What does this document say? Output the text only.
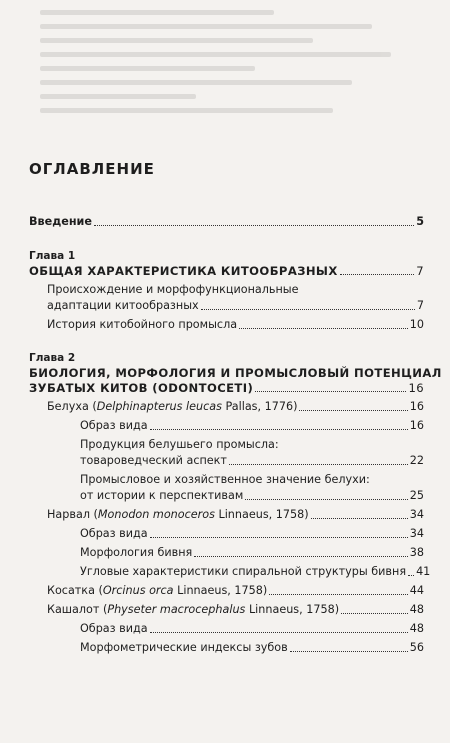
ОГЛАВЛЕНИЕ
Введение	5
Глава 1
ОБЩАЯ ХАРАКТЕРИСТИКА КИТООБРАЗНЫХ	7
Происхождение и морфофункциональные
адаптации китообразных	7
История китобойного промысла	10
Глава 2
БИОЛОГИЯ, МОРФОЛОГИЯ И ПРОМЫСЛОВЫЙ ПОТЕНЦИАЛ
ЗУБАТЫХ КИТОВ (ODONTOCETI)	16
Белуха (Delphinapterus leucas Pallas, 1776)	16
Образ вида	16
Продукция белушьего промысла:
товароведческий аспект	22
Промысловое и хозяйственное значение белухи:
от истории к перспективам	25
Нарвал (Monodon monoceros Linnaeus, 1758)	34
Образ вида	34
Морфология бивня	38
Угловые характеристики спиральной структуры бивня 41
Косатка (Orcinus orca Linnaeus, 1758)	44
Кашалот (Physeter macrocephalus Linnaeus, 1758)	48
Образ вида	48
Морфометрические индексы зубов	56
